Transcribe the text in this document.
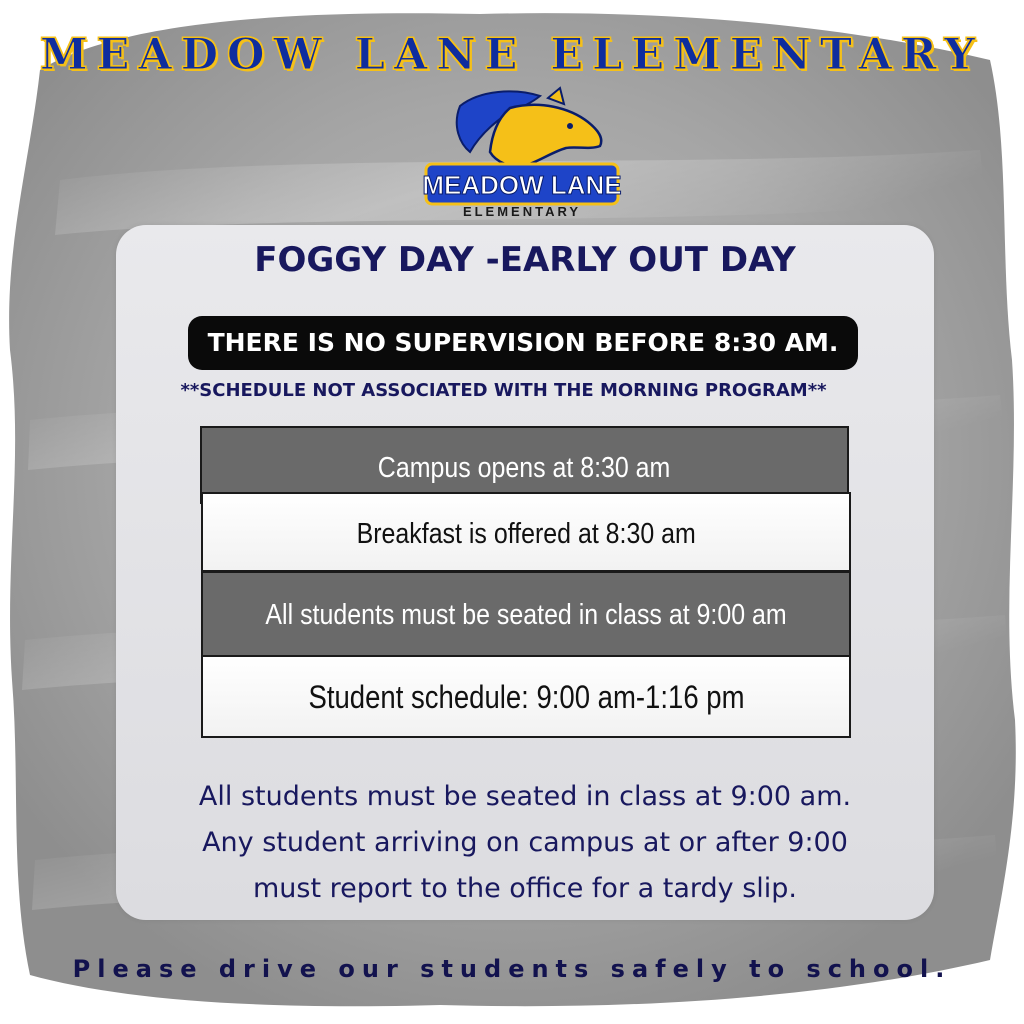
MEADOW LANE ELEMENTARY
MEADOW LANE
ELEMENTARY
FOGGY DAY -EARLY OUT DAY
THERE IS NO SUPERVISION BEFORE 8:30 AM.
**SCHEDULE NOT ASSOCIATED WITH THE MORNING PROGRAM**
Campus opens at 8:30 am
Breakfast is offered at 8:30 am
All students must be seated in class at 9:00 am
Student schedule: 9:00 am-1:16 pm
All students must be seated in class at 9:00 am.
Any student arriving on campus at or after 9:00
must report to the office for a tardy slip.
Please drive our students safely to school.
